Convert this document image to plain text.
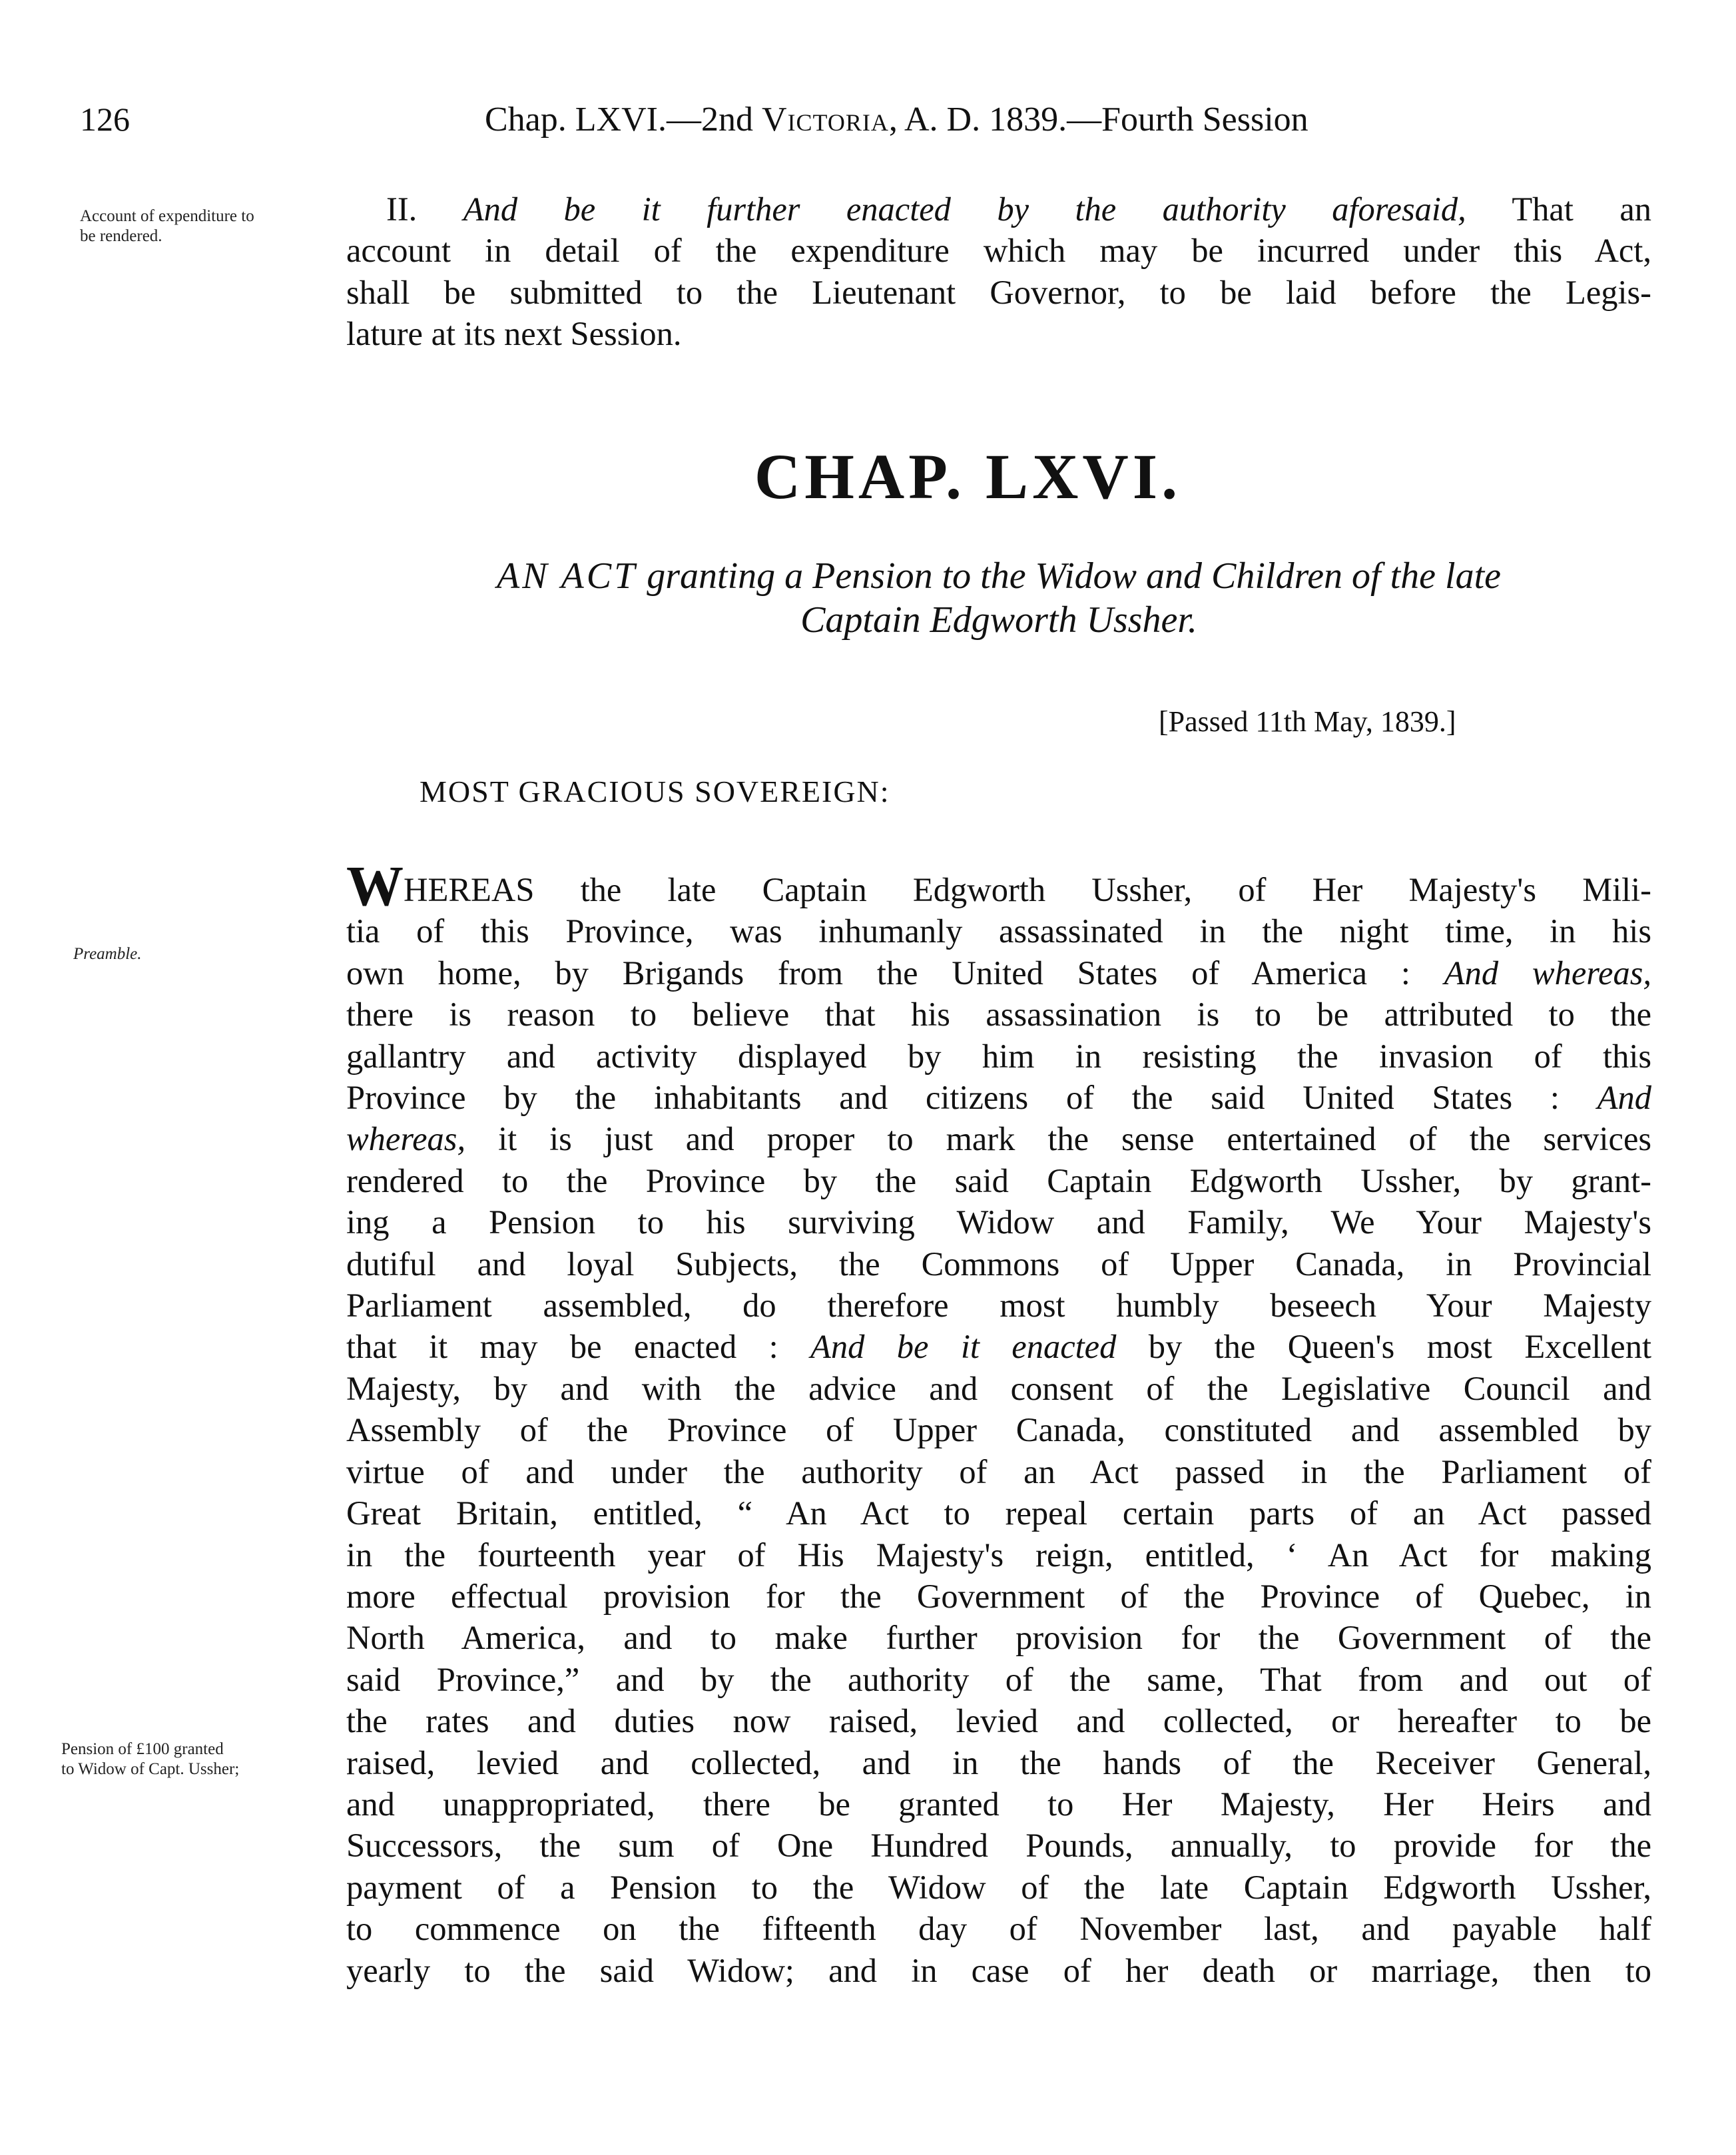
126	Chap. LXVI.—2nd Victoria, A. D. 1839.—Fourth Session
Account of expenditure to
be rendered.
Preamble.
Pension of £100 granted
to Widow of Capt. Ussher;
II. And be it further enacted by the authority aforesaid, That an
account in detail of the expenditure which may be incurred under this Act,
shall be submitted to the Lieutenant Governor, to be laid before the Legis-
lature at its next Session.
CHAP. LXVI.
AN ACT granting a Pension to the Widow and Children of the late
Captain Edgworth Ussher.
[Passed 11th May, 1839.]
MOST GRACIOUS SOVEREIGN:
WHEREAS the late Captain Edgworth Ussher, of Her Majesty's Mili-
tia of this Province, was inhumanly assassinated in the night time, in his
own home, by Brigands from the United States of America : And whereas,
there is reason to believe that his assassination is to be attributed to the
gallantry and activity displayed by him in resisting the invasion of this
Province by the inhabitants and citizens of the said United States : And
whereas, it is just and proper to mark the sense entertained of the services
rendered to the Province by the said Captain Edgworth Ussher, by grant-
ing a Pension to his surviving Widow and Family, We Your Majesty's
dutiful and loyal Subjects, the Commons of Upper Canada, in Provincial
Parliament assembled, do therefore most humbly beseech Your Majesty
that it may be enacted : And be it enacted by the Queen's most Excellent
Majesty, by and with the advice and consent of the Legislative Council and
Assembly of the Province of Upper Canada, constituted and assembled by
virtue of and under the authority of an Act passed in the Parliament of
Great Britain, entitled, “ An Act to repeal certain parts of an Act passed
in the fourteenth year of His Majesty's reign, entitled, ‘ An Act for making
more effectual provision for the Government of the Province of Quebec, in
North America, and to make further provision for the Government of the
said Province,” and by the authority of the same, That from and out of
the rates and duties now raised, levied and collected, or hereafter to be
raised, levied and collected, and in the hands of the Receiver General,
and unappropriated, there be granted to Her Majesty, Her Heirs and
Successors, the sum of One Hundred Pounds, annually, to provide for the
payment of a Pension to the Widow of the late Captain Edgworth Ussher,
to commence on the fifteenth day of November last, and payable half
yearly to the said Widow; and in case of her death or marriage, then to
